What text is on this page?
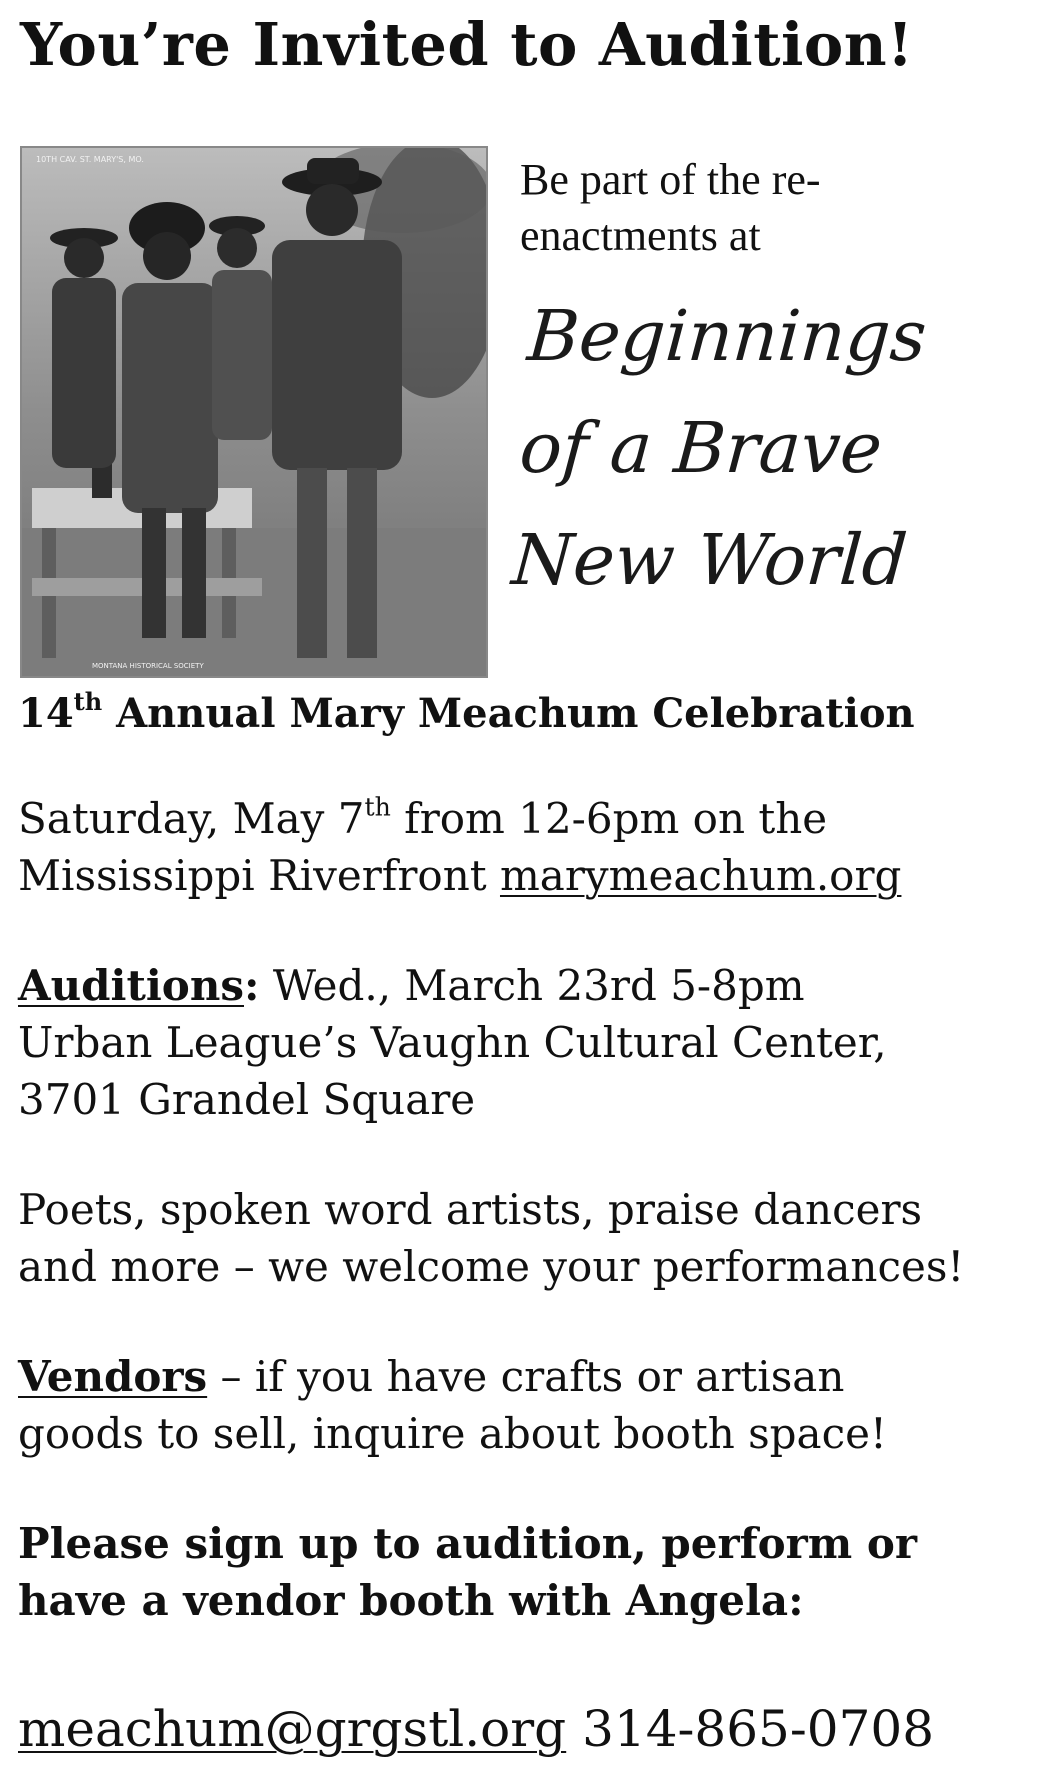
You’re Invited to Audition!
10TH CAV. ST. MARY'S, MO.
MONTANA HISTORICAL SOCIETY
Be part of the re-
enactments at
Beginnings
of a Brave
New World
14th Annual Mary Meachum Celebration
Saturday, May 7th from 12-6pm on the
Mississippi Riverfront marymeachum.org
Auditions: Wed., March 23rd 5-8pm
Urban League’s Vaughn Cultural Center,
3701 Grandel Square
Poets, spoken word artists, praise dancers
and more – we welcome your performances!
Vendors – if you have crafts or artisan
goods to sell, inquire about booth space!
Please sign up to audition, perform or
have a vendor booth with Angela:
meachum@grgstl.org 314-865-0708
